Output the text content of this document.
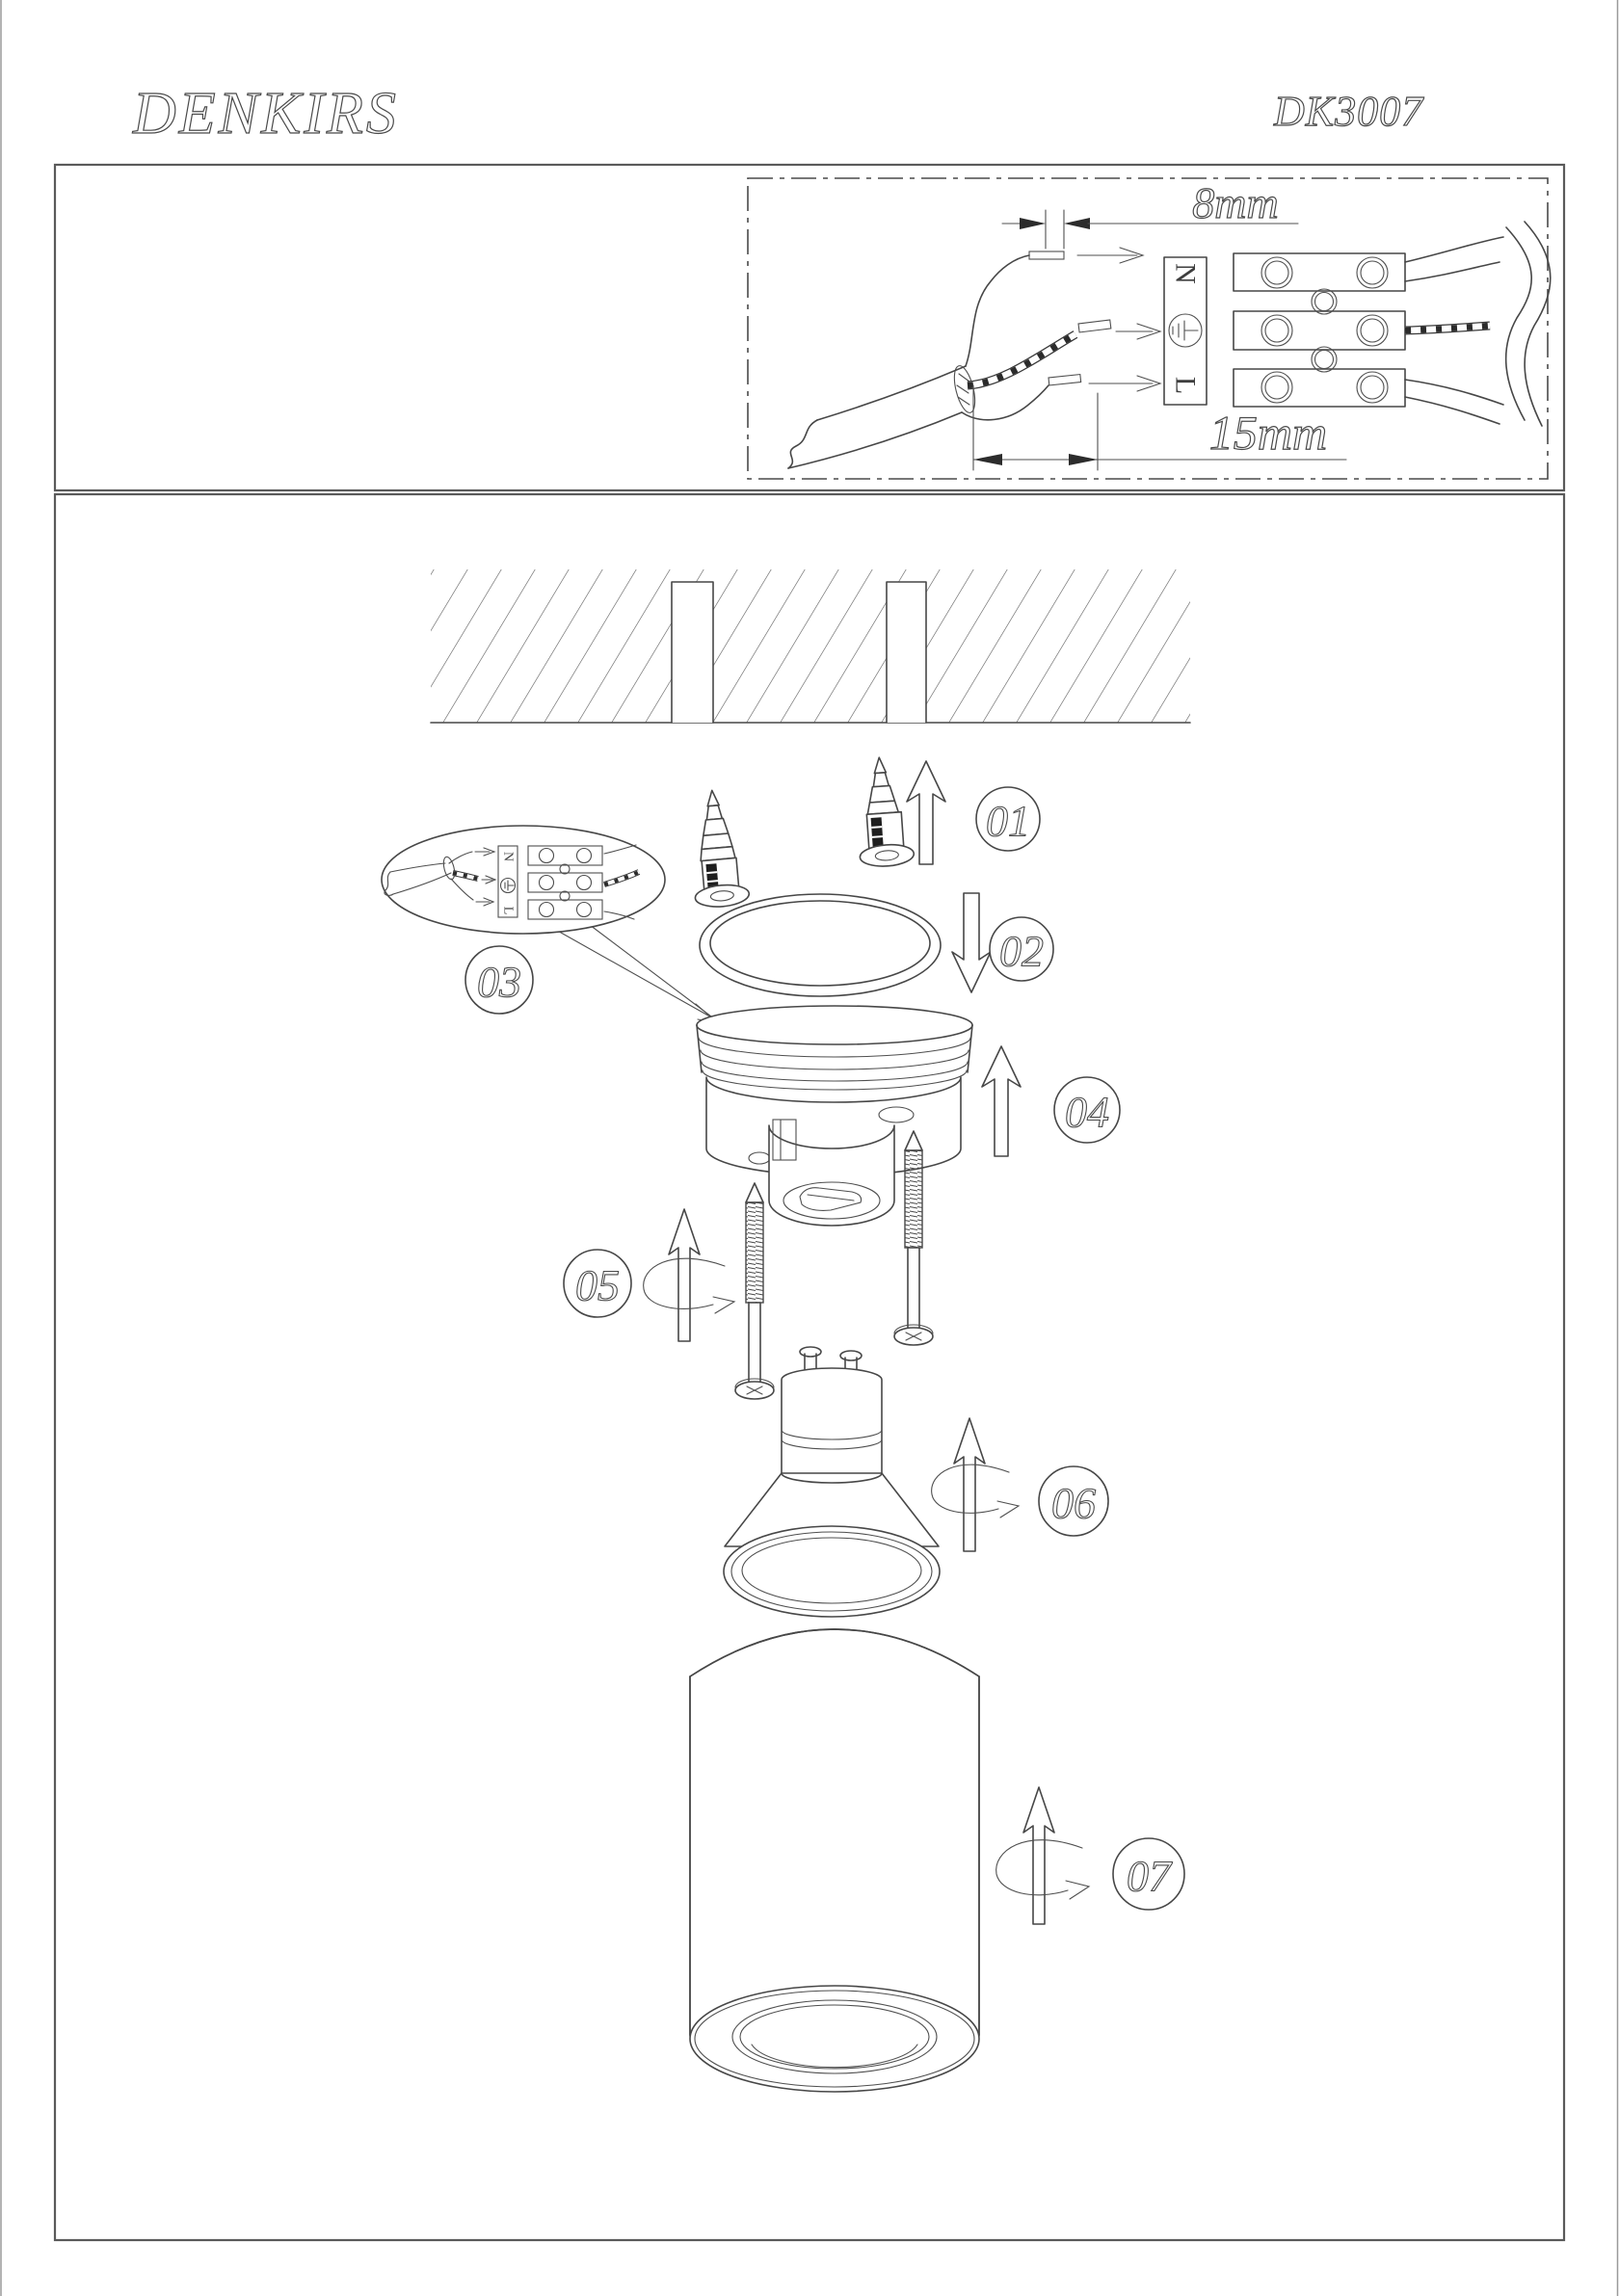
DENKIRS	DK3007
8mm
15mm
N
L
01
02
N
L
03
04
05
06
07
